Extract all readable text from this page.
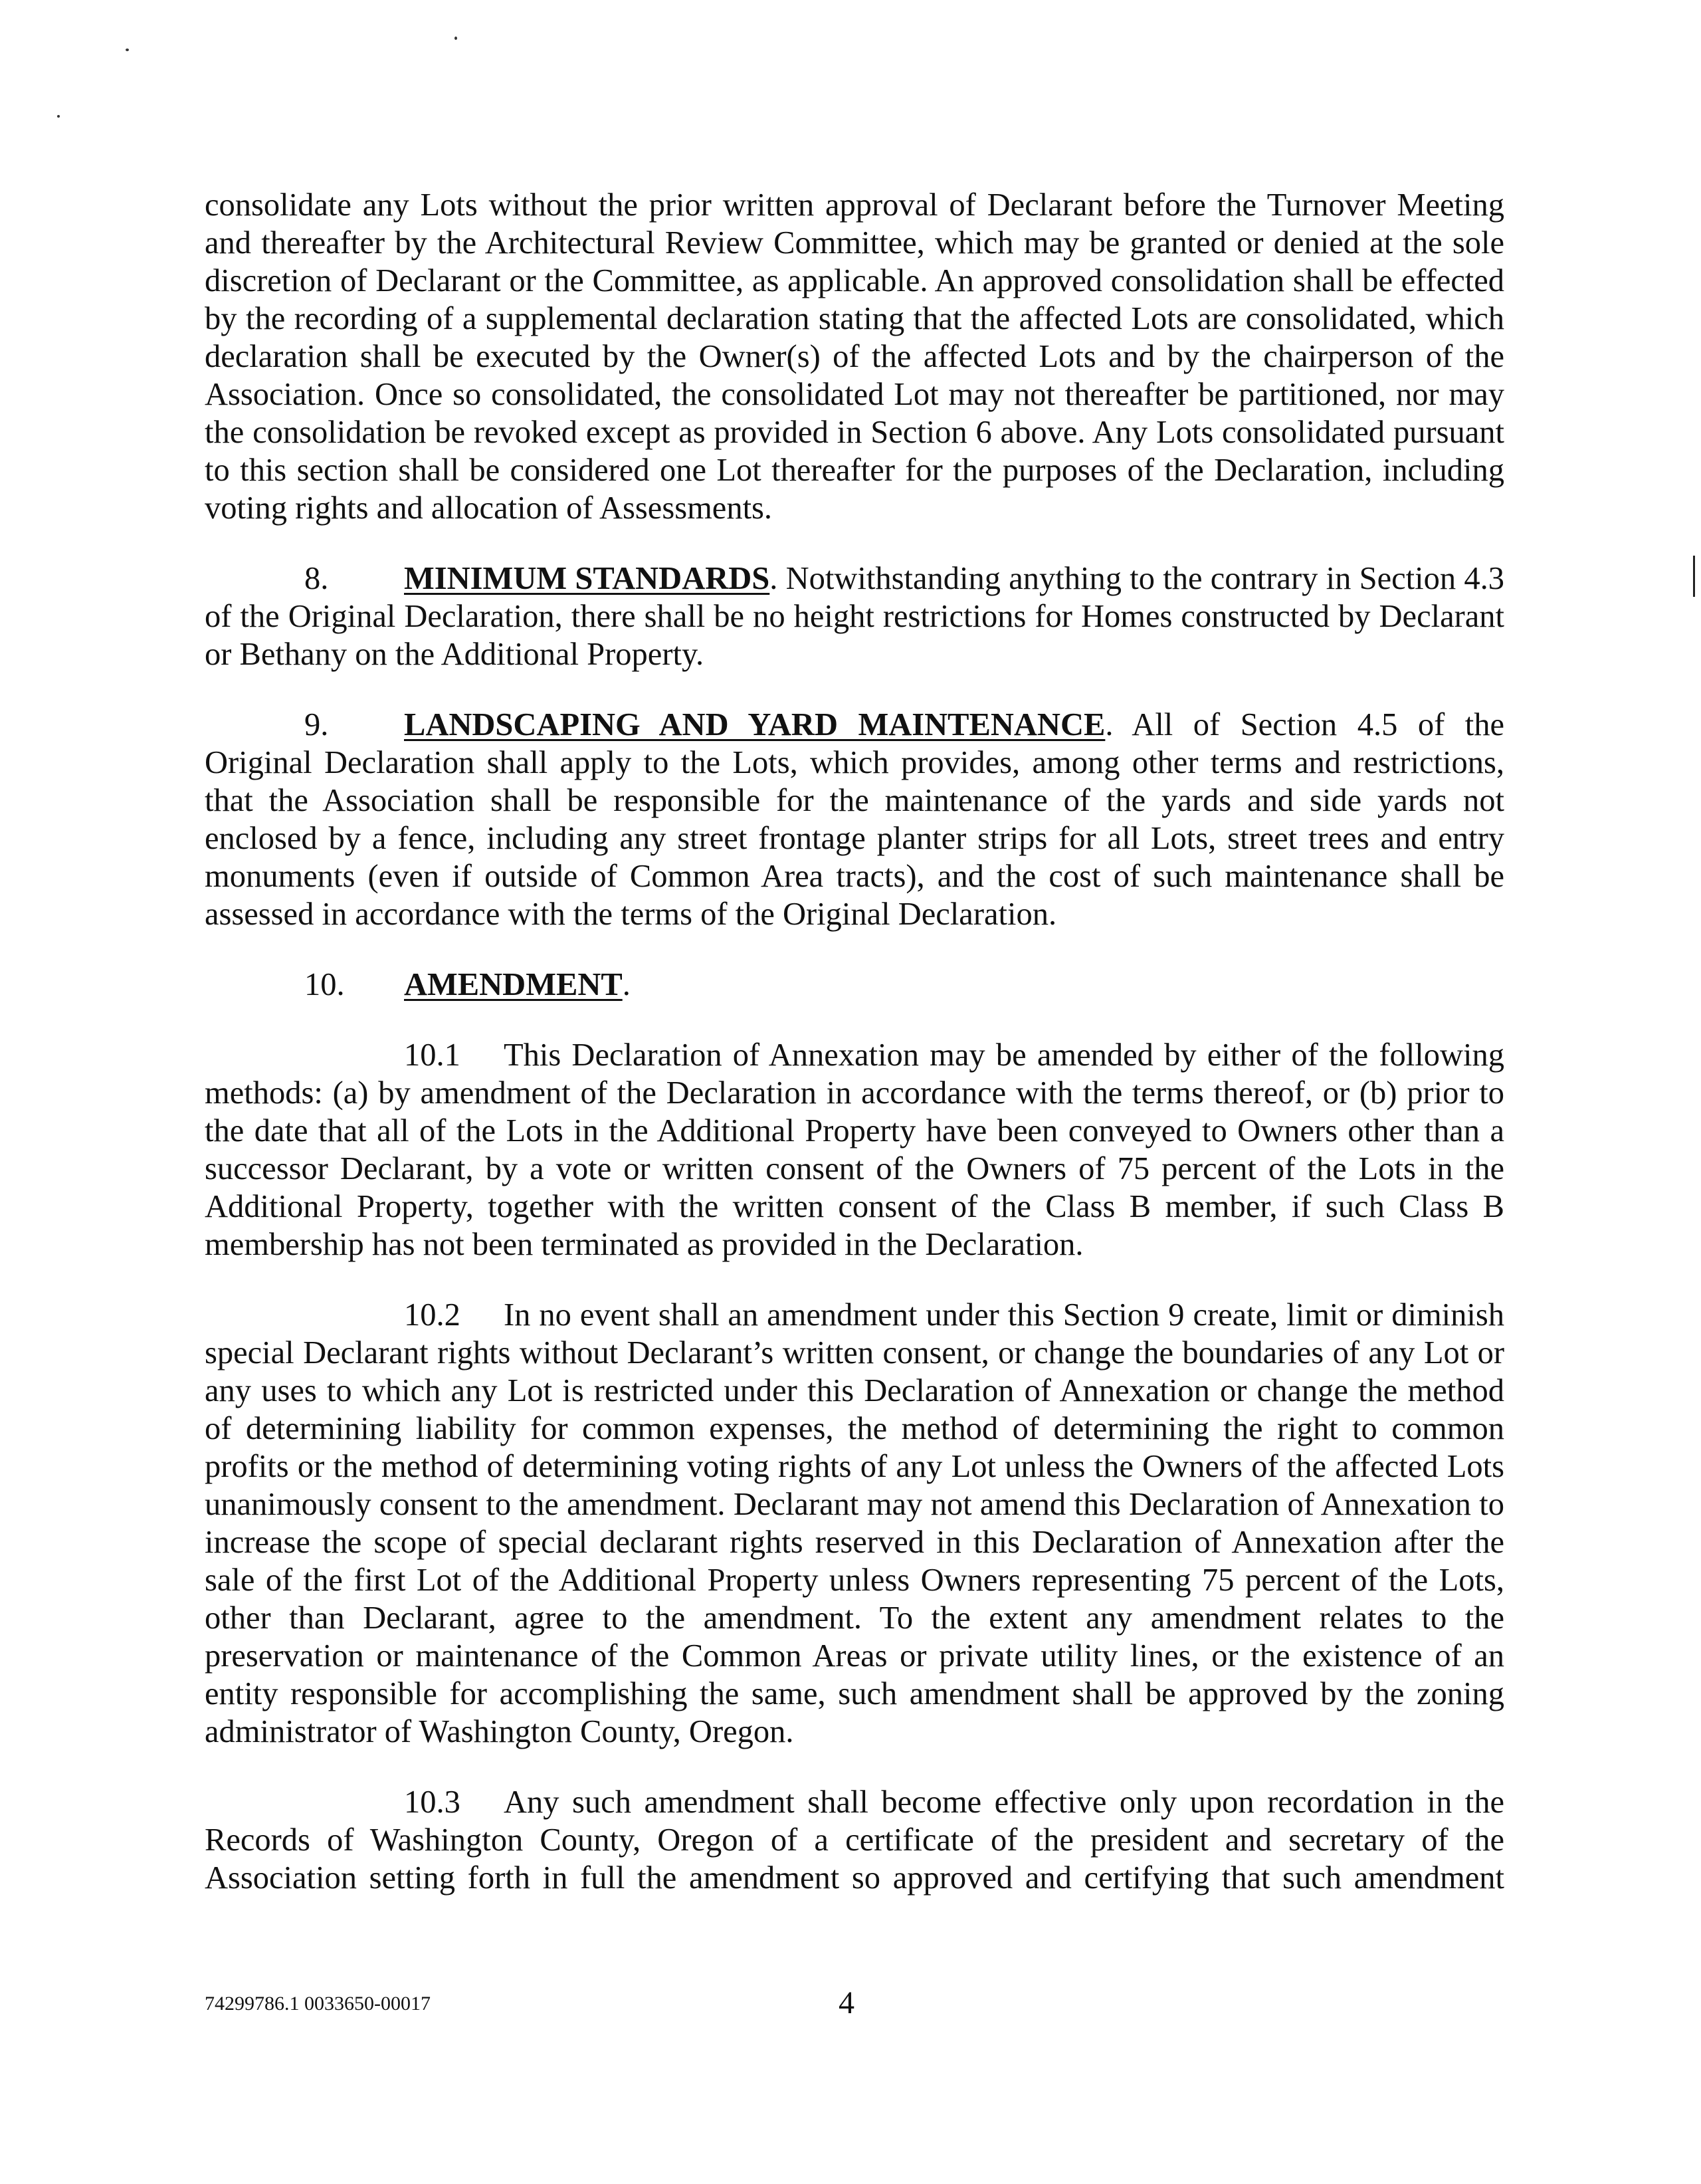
consolidate any Lots without the prior written approval of Declarant before the Turnover Meeting and thereafter by the Architectural Review Committee, which may be granted or denied at the sole discretion of Declarant or the Committee, as applicable. An approved consolidation shall be effected by the recording of a supplemental declaration stating that the affected Lots are consolidated, which declaration shall be executed by the Owner(s) of the affected Lots and by the chairperson of the Association. Once so consolidated, the consolidated Lot may not thereafter be partitioned, nor may the consolidation be revoked except as provided in Section 6 above. Any Lots consolidated pursuant to this section shall be considered one Lot thereafter for the purposes of the Declaration, including voting rights and allocation of Assessments.

8. MINIMUM STANDARDS. Notwithstanding anything to the contrary in Section 4.3 of the Original Declaration, there shall be no height restrictions for Homes constructed by Declarant or Bethany on the Additional Property.

9. LANDSCAPING AND YARD MAINTENANCE. All of Section 4.5 of the Original Declaration shall apply to the Lots, which provides, among other terms and restrictions, that the Association shall be responsible for the maintenance of the yards and side yards not enclosed by a fence, including any street frontage planter strips for all Lots, street trees and entry monuments (even if outside of Common Area tracts), and the cost of such maintenance shall be assessed in accordance with the terms of the Original Declaration.

10. AMENDMENT.

10.1 This Declaration of Annexation may be amended by either of the following methods: (a) by amendment of the Declaration in accordance with the terms thereof, or (b) prior to the date that all of the Lots in the Additional Property have been conveyed to Owners other than a successor Declarant, by a vote or written consent of the Owners of 75 percent of the Lots in the Additional Property, together with the written consent of the Class B member, if such Class B membership has not been terminated as provided in the Declaration.

10.2 In no event shall an amendment under this Section 9 create, limit or diminish special Declarant rights without Declarant’s written consent, or change the boundaries of any Lot or any uses to which any Lot is restricted under this Declaration of Annexation or change the method of determining liability for common expenses, the method of determining the right to common profits or the method of determining voting rights of any Lot unless the Owners of the affected Lots unanimously consent to the amendment. Declarant may not amend this Declaration of Annexation to increase the scope of special declarant rights reserved in this Declaration of Annexation after the sale of the first Lot of the Additional Property unless Owners representing 75 percent of the Lots, other than Declarant, agree to the amendment. To the extent any amendment relates to the preservation or maintenance of the Common Areas or private utility lines, or the existence of an entity responsible for accomplishing the same, such amendment shall be approved by the zoning administrator of Washington County, Oregon.

10.3 Any such amendment shall become effective only upon recordation in the Records of Washington County, Oregon of a certificate of the president and secretary of the Association setting forth in full the amendment so approved and certifying that such amendment

74299786.1 0033650-00017	4
